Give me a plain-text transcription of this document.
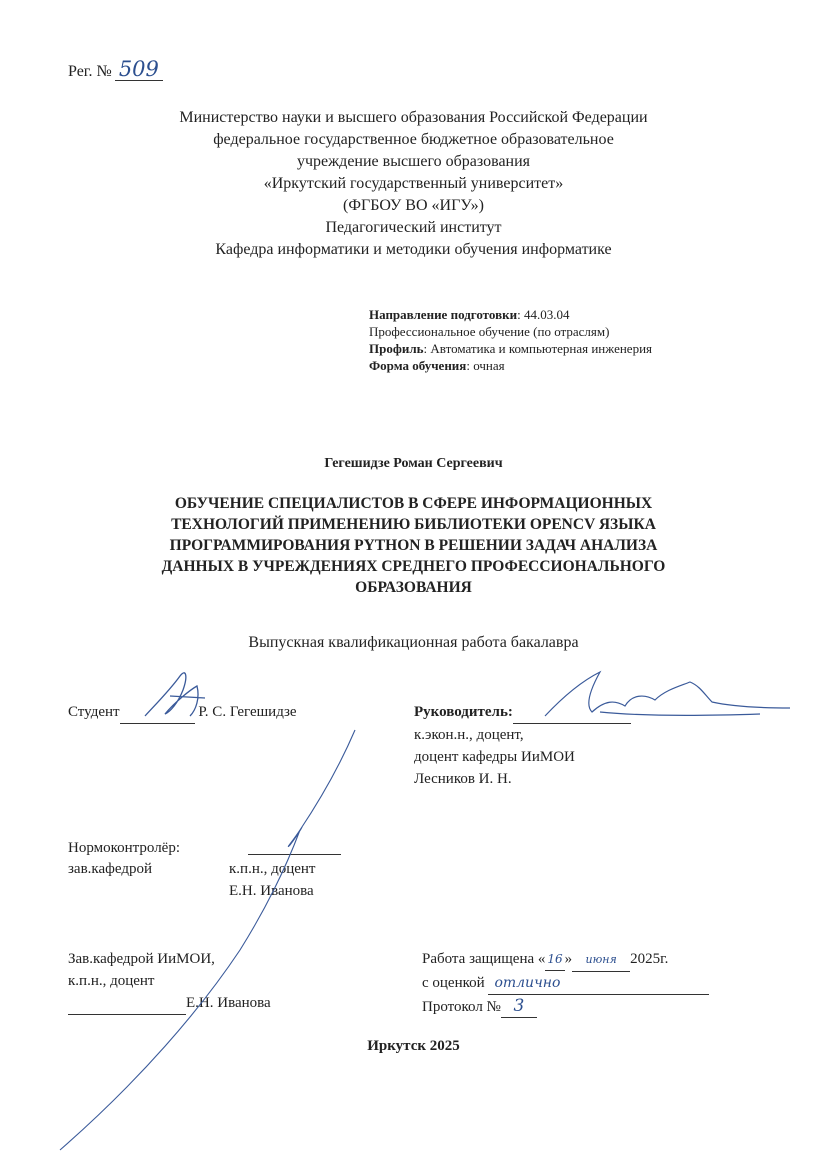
Рег. № 509
Министерство науки и высшего образования Российской Федерации
федеральное государственное бюджетное образовательное
учреждение высшего образования
«Иркутский государственный университет»
(ФГБОУ ВО «ИГУ»)
Педагогический институт
Кафедра информатики и методики обучения информатике
Направление подготовки: 44.03.04
Профессиональное обучение (по отраслям)
Профиль: Автоматика и компьютерная инженерия
Форма обучения: очная
Гегешидзе Роман Сергеевич
ОБУЧЕНИЕ СПЕЦИАЛИСТОВ В СФЕРЕ ИНФОРМАЦИОННЫХ
ТЕХНОЛОГИЙ ПРИМЕНЕНИЮ БИБЛИОТЕКИ OPENCV ЯЗЫКА
ПРОГРАММИРОВАНИЯ PYTHON В РЕШЕНИИ ЗАДАЧ АНАЛИЗА
ДАННЫХ В УЧРЕЖДЕНИЯХ СРЕДНЕГО ПРОФЕССИОНАЛЬНОГО
ОБРАЗОВАНИЯ
Выпускная квалификационная работа бакалавра
Студент	Р. С. Гегешидзе	Руководитель:
к.экон.н., доцент,
доцент кафедры ИиМОИ
Лесников И. Н.
Нормоконтролёр:
зав.кафедрой	к.п.н., доцент
Е.Н. Иванова
Зав.кафедрой ИиМОИ,
к.п.н., доцент
Е.Н. Иванова
Работа защищена « 16 » июня 2025г.
с оценкой отлично
Протокол № 3
Иркутск 2025
